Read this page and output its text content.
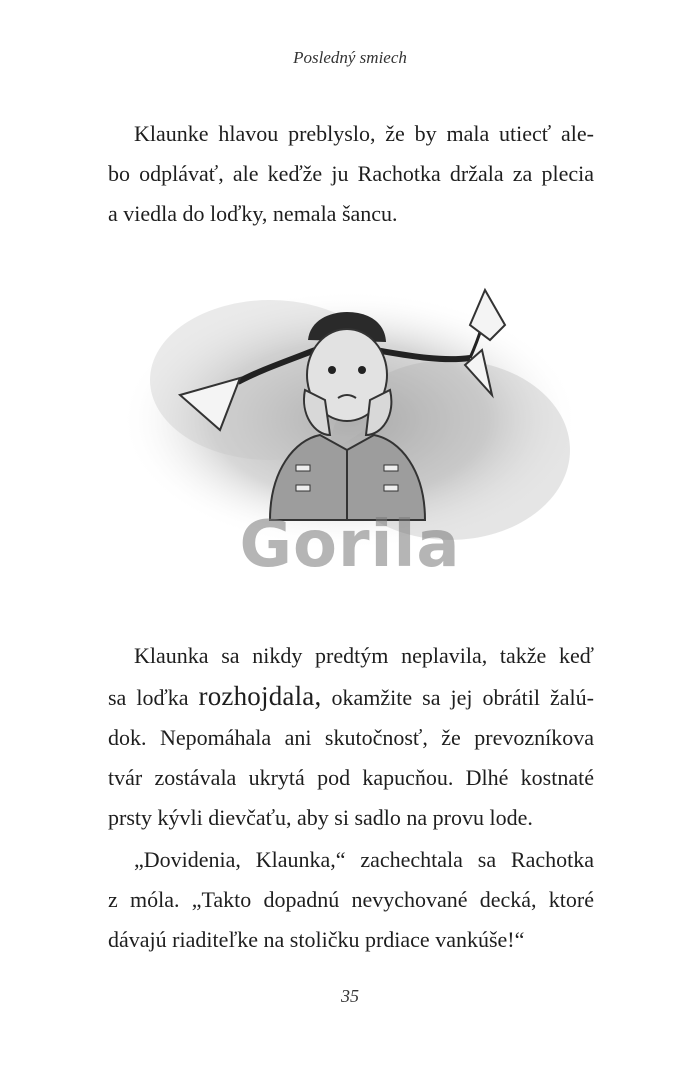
Posledný smiech
Klaunke hlavou preblyslo, že by mala utiecť ale-
bo odplávať, ale keďže ju Rachotka držala za plecia
a viedla do loďky, nemala šancu.
Gorila
Klaunka sa nikdy predtým neplavila, takže keď
sa loďka rozhojdala, okamžite sa jej obrátil žalú-
dok. Nepomáhala ani skutočnosť, že prevozníkova
tvár zostávala ukrytá pod kapucňou. Dlhé kostnaté
prsty kývli dievčaťu, aby si sadlo na provu lode.
„Dovidenia, Klaunka,“ zachechtala sa Rachotka
z móla. „Takto dopadnú nevychované decká, ktoré
dávajú riaditeľke na stoličku prdiace vankúše!“
35
